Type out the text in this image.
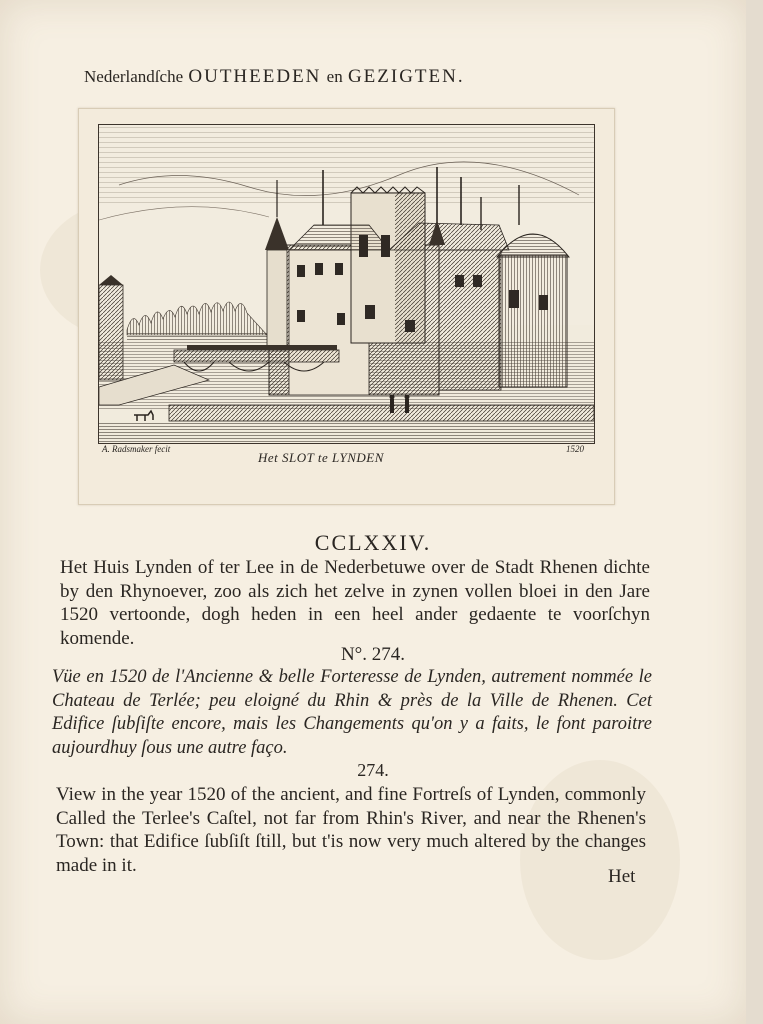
Nederlandſche OUTHEEDEN en GEZIGTEN.
A. Radsmaker fecit
Het SLOT te LYNDEN
1520
CCLXXIV.
Het Huis Lynden of ter Lee in de Nederbetuwe over de Stadt Rhenen dichte by den Rhynoever, zoo als zich het zelve in zynen vollen bloei in den Jare 1520 vertoonde, dogh heden in een heel ander gedaente te voorſchyn komende.
N°. 274.
Vüe en 1520 de l'Ancienne & belle Forteresse de Lynden, autrement nommée le Chateau de Terlée; peu eloigné du Rhin & près de la Ville de Rhenen. Cet Edifice ſubſiſte encore, mais les Changements qu'on y a faits, le font paroitre aujourdhuy ſous une autre faço.
274.
View in the year 1520 of the ancient, and fine Fortreſs of Lynden, commonly Called the Terlee's Caſtel, not far from Rhin's River, and near the Rhenen's Town: that Edifice ſubſiſt ſtill, but t'is now very much altered by the changes made in it.
Het
